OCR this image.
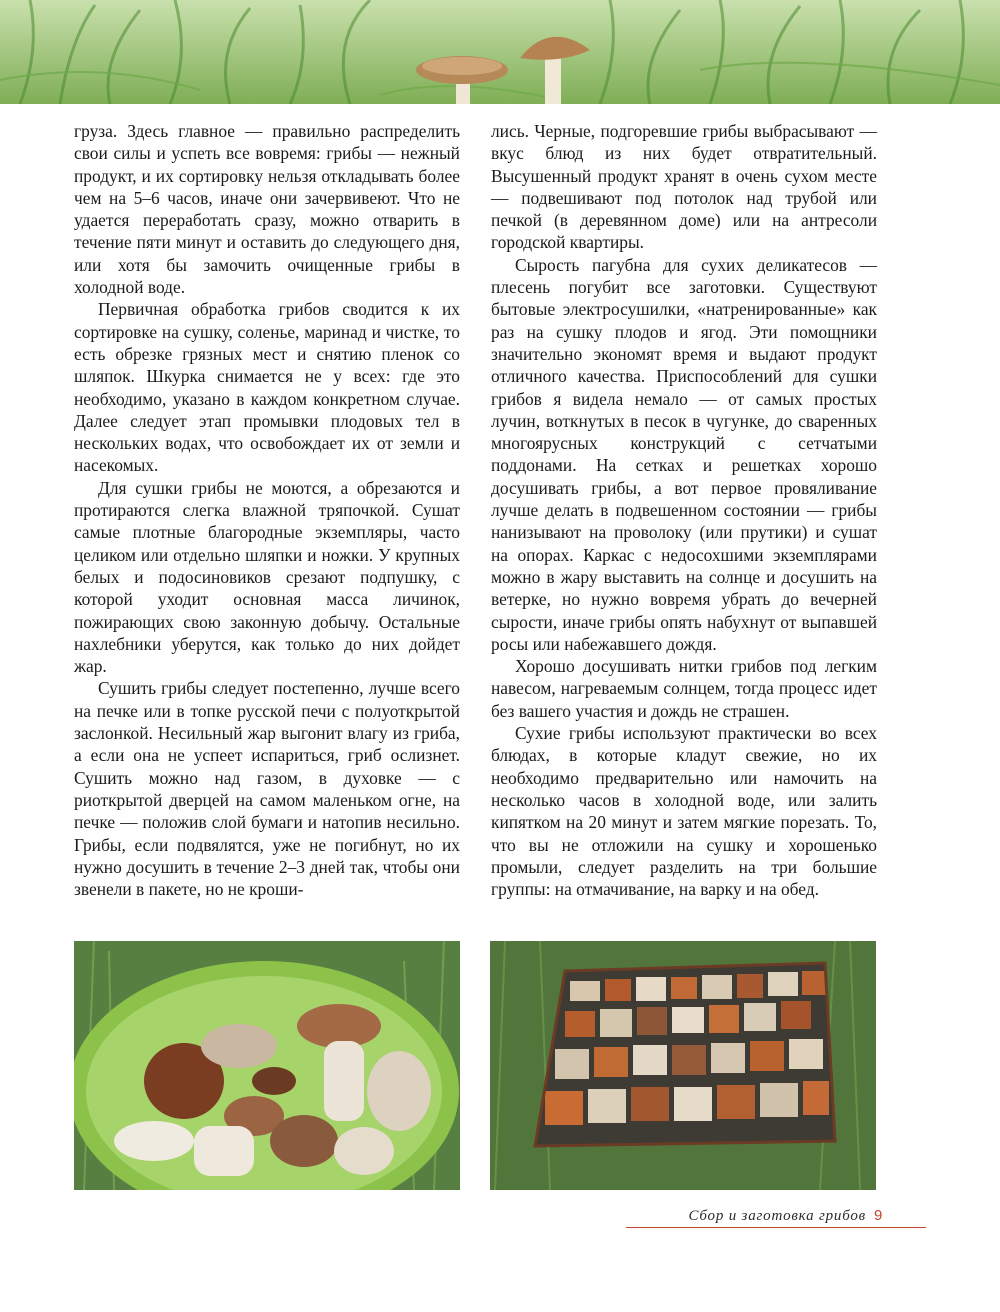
груза. Здесь главное — правильно распределить свои силы и успеть все вовремя: грибы — нежный продукт, и их сортировку нельзя откладывать более чем на 5–6 часов, иначе они зачервивеют. Что не удается переработать сразу, можно отварить в течение пяти минут и оставить до следующего дня, или хотя бы замочить очищенные грибы в холодной воде.

Первичная обработка грибов сводится к их сортировке на сушку, соленье, маринад и чистке, то есть обрезке грязных мест и снятию пленок со шляпок. Шкурка снимается не у всех: где это необходимо, указано в каждом конкретном случае. Далее следует этап промывки плодовых тел в нескольких водах, что освобождает их от земли и насекомых.

Для сушки грибы не моются, а обрезаются и протираются слегка влажной тряпочкой. Сушат самые плотные благородные экземпляры, часто целиком или отдельно шляпки и ножки. У крупных белых и подосиновиков срезают подпушку, с которой уходит основная масса личинок, пожирающих свою законную добычу. Остальные нахлебники уберутся, как только до них дойдет жар.

Сушить грибы следует постепенно, лучше всего на печке или в топке русской печи с полуоткрытой заслонкой. Несильный жар выгонит влагу из гриба, а если она не успеет испариться, гриб ослизнет. Сушить можно над газом, в духовке — с риоткрытой дверцей на самом маленьком огне, на печке — положив слой бумаги и натопив несильно. Грибы, если подвялятся, уже не погибнут, но их нужно досушить в течение 2–3 дней так, чтобы они звенели в пакете, но не кроши-

лись. Черные, подгоревшие грибы выбрасывают — вкус блюд из них будет отвратительный. Высушенный продукт хранят в очень сухом месте — подвешивают под потолок над трубой или печкой (в деревянном доме) или на антресоли городской квартиры.

Сырость пагубна для сухих деликатесов — плесень погубит все заготовки. Существуют бытовые электросушилки, «натренированные» как раз на сушку плодов и ягод. Эти помощники значительно экономят время и выдают продукт отличного качества. Приспособлений для сушки грибов я видела немало — от самых простых лучин, воткнутых в песок в чугунке, до сваренных многоярусных конструкций с сетчатыми поддонами. На сетках и решетках хорошо досушивать грибы, а вот первое провяливание лучше делать в подвешенном состоянии — грибы нанизывают на проволоку (или прутики) и сушат на опорах. Каркас с недосохшими экземплярами можно в жару выставить на солнце и досушить на ветерке, но нужно вовремя убрать до вечерней сырости, иначе грибы опять набухнут от выпавшей росы или набежавшего дождя.

Хорошо досушивать нитки грибов под легким навесом, нагреваемым солнцем, тогда процесс идет без вашего участия и дождь не страшен.

Сухие грибы используют практически во всех блюдах, в которые кладут свежие, но их необходимо предварительно или намочить на несколько часов в холодной воде, или залить кипятком на 20 минут и затем мягкие порезать. То, что вы не отложили на сушку и хорошенько промыли, следует разделить на три большие группы: на отмачивание, на варку и на обед.

Сбор и заготовка грибов 9
